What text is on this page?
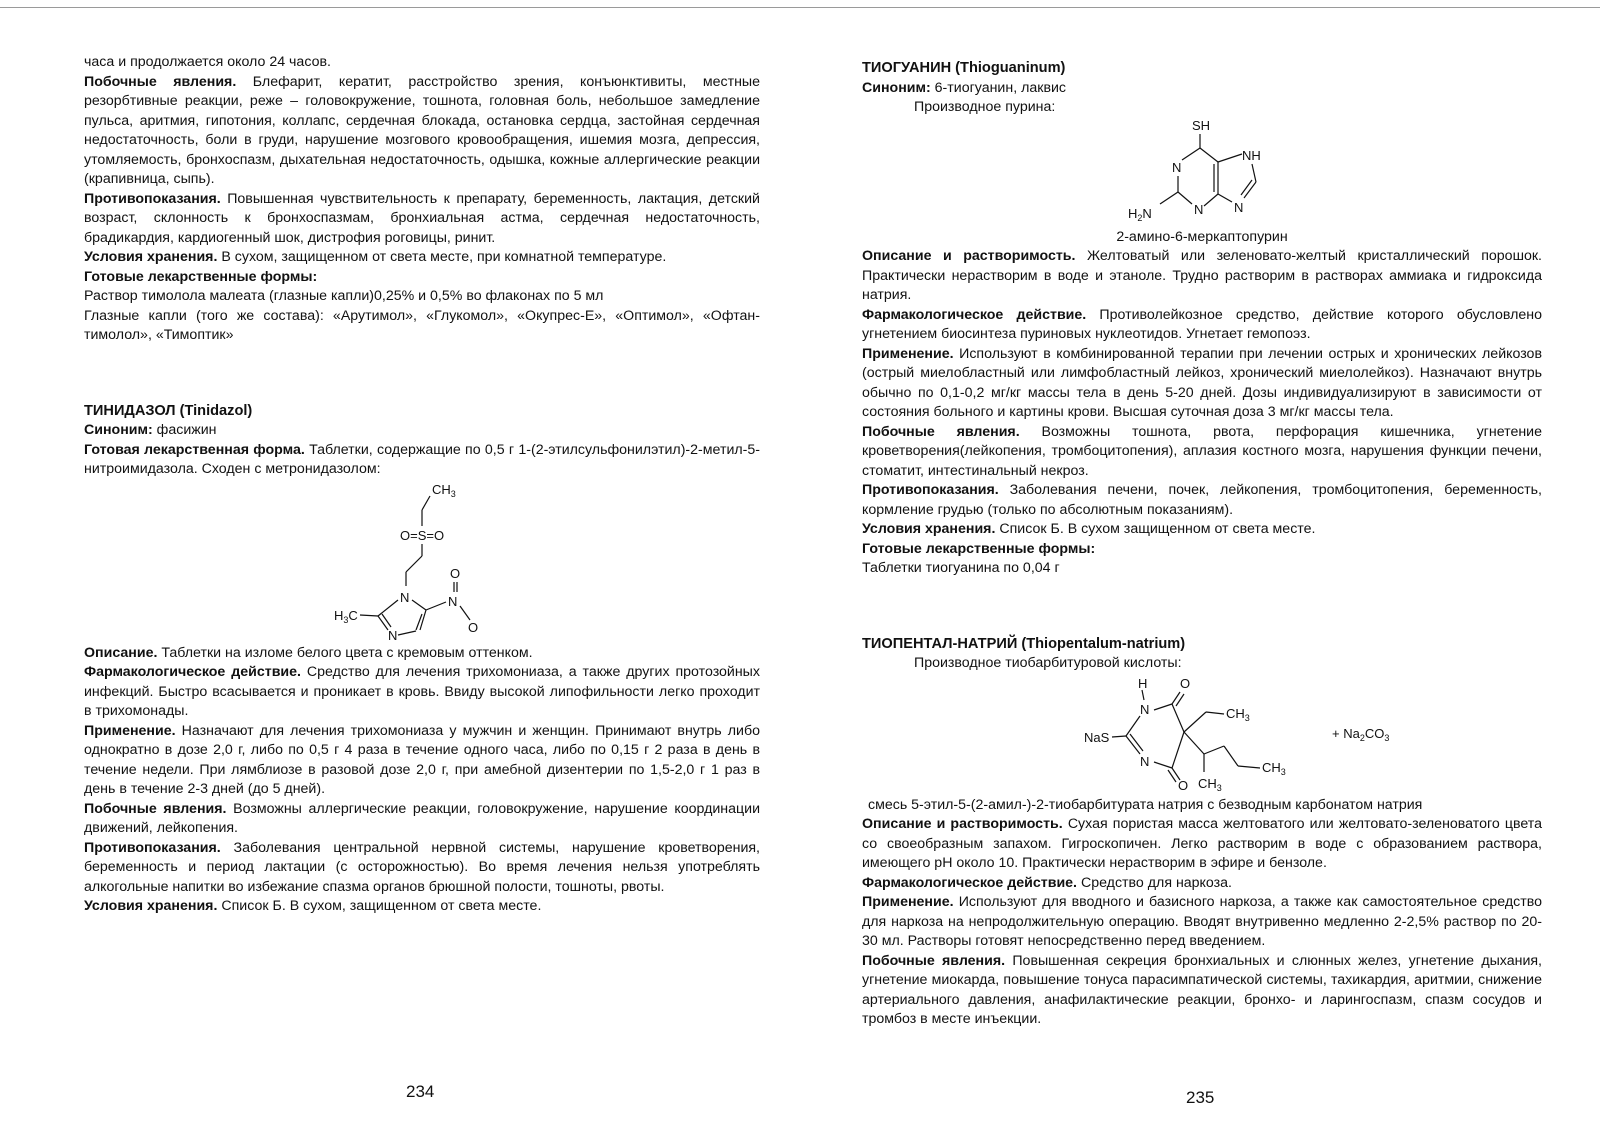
часа и продолжается около 24 часов.

Побочные явления. Блефарит, кератит, расстройство зрения, конъюнктивиты, местные резорбтивные реакции, реже – головокружение, тошнота, головная боль, небольшое замедление пульса, аритмия, гипотония, коллапс, сердечная блокада, остановка сердца, застойная сердечная недостаточность, боли в груди, нарушение мозгового кровообращения, ишемия мозга, депрессия, утомляемость, бронхоспазм, дыхательная недостаточность, одышка, кожные аллергические реакции (крапивница, сыпь).

Противопоказания. Повышенная чувствительность к препарату, беременность, лактация, детский возраст, склонность к бронхоспазмам, бронхиальная астма, сердечная недостаточность, брадикардия, кардиогенный шок, дистрофия роговицы, ринит.

Условия хранения. В сухом, защищенном от света месте, при комнатной температуре.

Готовые лекарственные формы:

Раствор тимолола малеата (глазные капли)0,25% и 0,5% во флаконах по 5 мл

Глазные капли (того же состава): «Арутимол», «Глукомол», «Окупрес-Е», «Оптимол», «Офтан-тимолол», «Тимоптик»

ТИНИДАЗОЛ (Tinidazol)

Синоним: фасижин

Готовая лекарственная форма. Таблетки, содержащие по 0,5 г 1-(2-этилсульфонилэтил)-2-метил-5-нитроимидазола. Сходен с метронидазолом:

$CH_3$
O=S=O
N
N
$H_3C$
N
O
O

Описание. Таблетки на изломе белого цвета с кремовым оттенком.

Фармакологическое действие. Средство для лечения трихомониаза, а также других протозойных инфекций. Быстро всасывается и проникает в кровь. Ввиду высокой липофильности легко проходит в трихомонады.

Применение. Назначают для лечения трихомониаза у мужчин и женщин. Принимают внутрь либо однократно в дозе 2,0 г, либо по 0,5 г 4 раза в течение одного часа, либо по 0,15 г 2 раза в день в течение недели. При лямблиозе в разовой дозе 2,0 г, при амебной дизентерии по 1,5-2,0 г 1 раз в день в течение 2-3 дней (до 5 дней).

Побочные явления. Возможны аллергические реакции, головокружение, нарушение координации движений, лейкопения.

Противопоказания. Заболевания центральной нервной системы, нарушение кроветворения, беременность и период лактации (с осторожностью). Во время лечения нельзя употреблять алкогольные напитки во избежание спазма органов брюшной полости, тошноты, рвоты.

Условия хранения. Список Б. В сухом, защищенном от света месте.

234

ТИОГУАНИН (Thioguaninum)

Синоним: 6-тиогуанин, лаквис

Производное пурина:

SH
N
N
NH
N
$H_2N$

2-амино-6-меркаптопурин

Описание и растворимость. Желтоватый или зеленовато-желтый кристаллический порошок. Практически нерастворим в воде и этаноле. Трудно растворим в растворах аммиака и гидроксида натрия.

Фармакологическое действие. Противолейкозное средство, действие которого обусловлено угнетением биосинтеза пуриновых нуклеотидов. Угнетает гемопоэз.

Применение. Используют в комбинированной терапии при лечении острых и хронических лейкозов (острый миелобластный или лимфобластный лейкоз, хронический миелолейкоз). Назначают внутрь обычно по 0,1-0,2 мг/кг массы тела в день 5-20 дней. Дозы индивидуализируют в зависимости от состояния больного и картины крови. Высшая суточная доза 3 мг/кг массы тела.

Побочные явления. Возможны тошнота, рвота, перфорация кишечника, угнетение кроветворения(лейкопения, тромбоцитопения), аплазия костного мозга, нарушения функции печени, стоматит, интестинальный некроз.

Противопоказания. Заболевания печени, почек, лейкопения, тромбоцитопения, беременность, кормление грудью (только по абсолютным показаниям).

Условия хранения. Список Б. В сухом защищенном от света месте.

Готовые лекарственные формы:

Таблетки тиогуанина по 0,04 г

ТИОПЕНТАЛ-НАТРИЙ (Thiopentalum-natrium)

Производное тиобарбитуровой кислоты:

H
N
O
NaS
N
O
$CH_3$
$CH_3$
$CH_3$
+ $Na_2CO_3$

смесь 5-этил-5-(2-амил-)-2-тиобарбитурата натрия с безводным карбонатом натрия

Описание и растворимость. Сухая пористая масса желтоватого или желтовато-зеленоватого цвета со своеобразным запахом. Гигроскопичен. Легко растворим в воде с образованием раствора, имеющего pH около 10. Практически нерастворим в эфире и бензоле.

Фармакологическое действие. Средство для наркоза.

Применение. Используют для вводного и базисного наркоза, а также как самостоятельное средство для наркоза на непродолжительную операцию. Вводят внутривенно медленно 2-2,5% раствор по 20-30 мл. Растворы готовят непосредственно перед введением.

Побочные явления. Повышенная секреция бронхиальных и слюнных желез, угнетение дыхания, угнетение миокарда, повышение тонуса парасимпатической системы, тахикардия, аритмии, снижение артериального давления, анафилактические реакции, бронхо- и ларингоспазм, спазм сосудов и тромбоз в месте инъекции.

235
